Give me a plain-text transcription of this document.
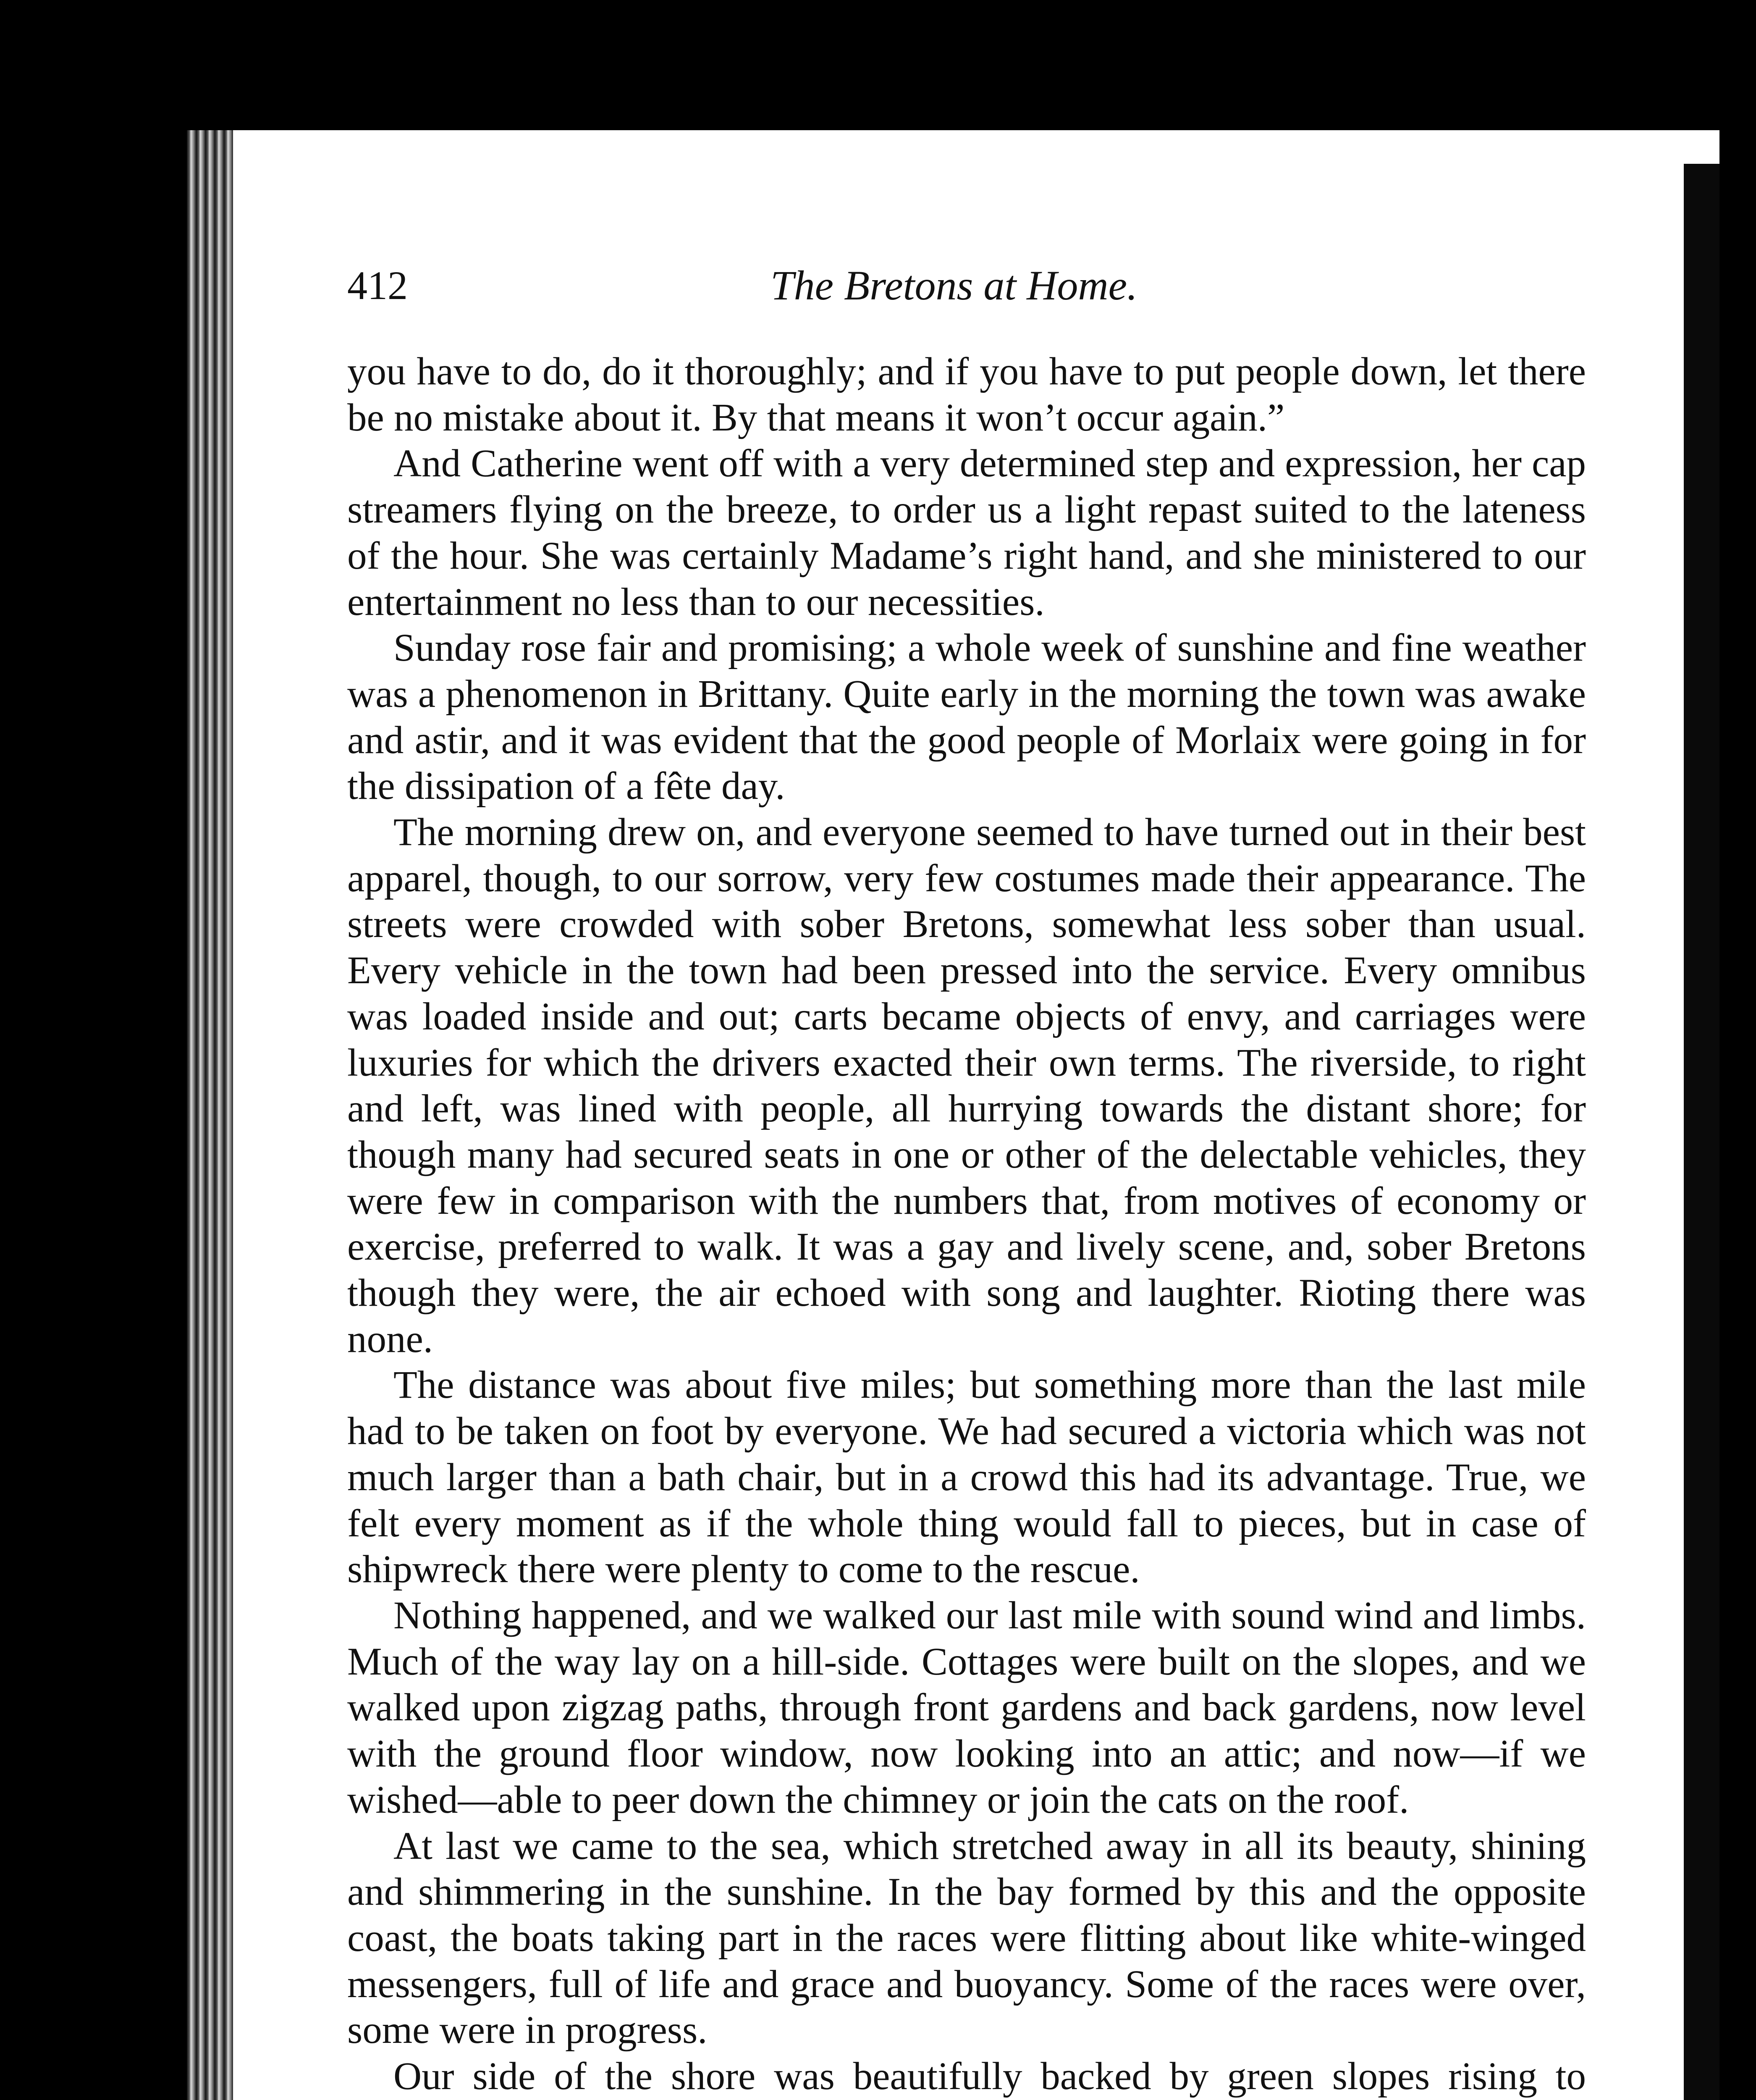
412	The Bretons at Home.

you have to do, do it thoroughly; and if you have to put people down, let there be no mistake about it. By that means it won’t occur again.”

And Catherine went off with a very determined step and expression, her cap streamers flying on the breeze, to order us a light repast suited to the lateness of the hour. She was certainly Madame’s right hand, and she ministered to our entertainment no less than to our necessities.

Sunday rose fair and promising; a whole week of sunshine and fine weather was a phenomenon in Brittany. Quite early in the morning the town was awake and astir, and it was evident that the good people of Morlaix were going in for the dissipation of a fête day.

The morning drew on, and everyone seemed to have turned out in their best apparel, though, to our sorrow, very few costumes made their appearance. The streets were crowded with sober Bretons, somewhat less sober than usual. Every vehicle in the town had been pressed into the service. Every omnibus was loaded inside and out; carts became objects of envy, and carriages were luxuries for which the drivers exacted their own terms. The riverside, to right and left, was lined with people, all hurrying towards the distant shore; for though many had secured seats in one or other of the delectable vehicles, they were few in comparison with the numbers that, from motives of economy or exercise, preferred to walk. It was a gay and lively scene, and, sober Bretons though they were, the air echoed with song and laughter. Rioting there was none.

The distance was about five miles; but something more than the last mile had to be taken on foot by everyone. We had secured a victoria which was not much larger than a bath chair, but in a crowd this had its advantage. True, we felt every moment as if the whole thing would fall to pieces, but in case of shipwreck there were plenty to come to the rescue.

Nothing happened, and we walked our last mile with sound wind and limbs. Much of the way lay on a hill-side. Cottages were built on the slopes, and we walked upon zigzag paths, through front gardens and back gardens, now level with the ground floor window, now looking into an attic; and now—if we wished—able to peer down the chimney or join the cats on the roof.

At last we came to the sea, which stretched away in all its beauty, shining and shimmering in the sunshine. In the bay formed by this and the opposite coast, the boats taking part in the races were flitting about like white-winged messengers, full of life and grace and buoyancy. Some of the races were over, some were in progress.

Our side of the shore was beautifully backed by green slopes rising to
